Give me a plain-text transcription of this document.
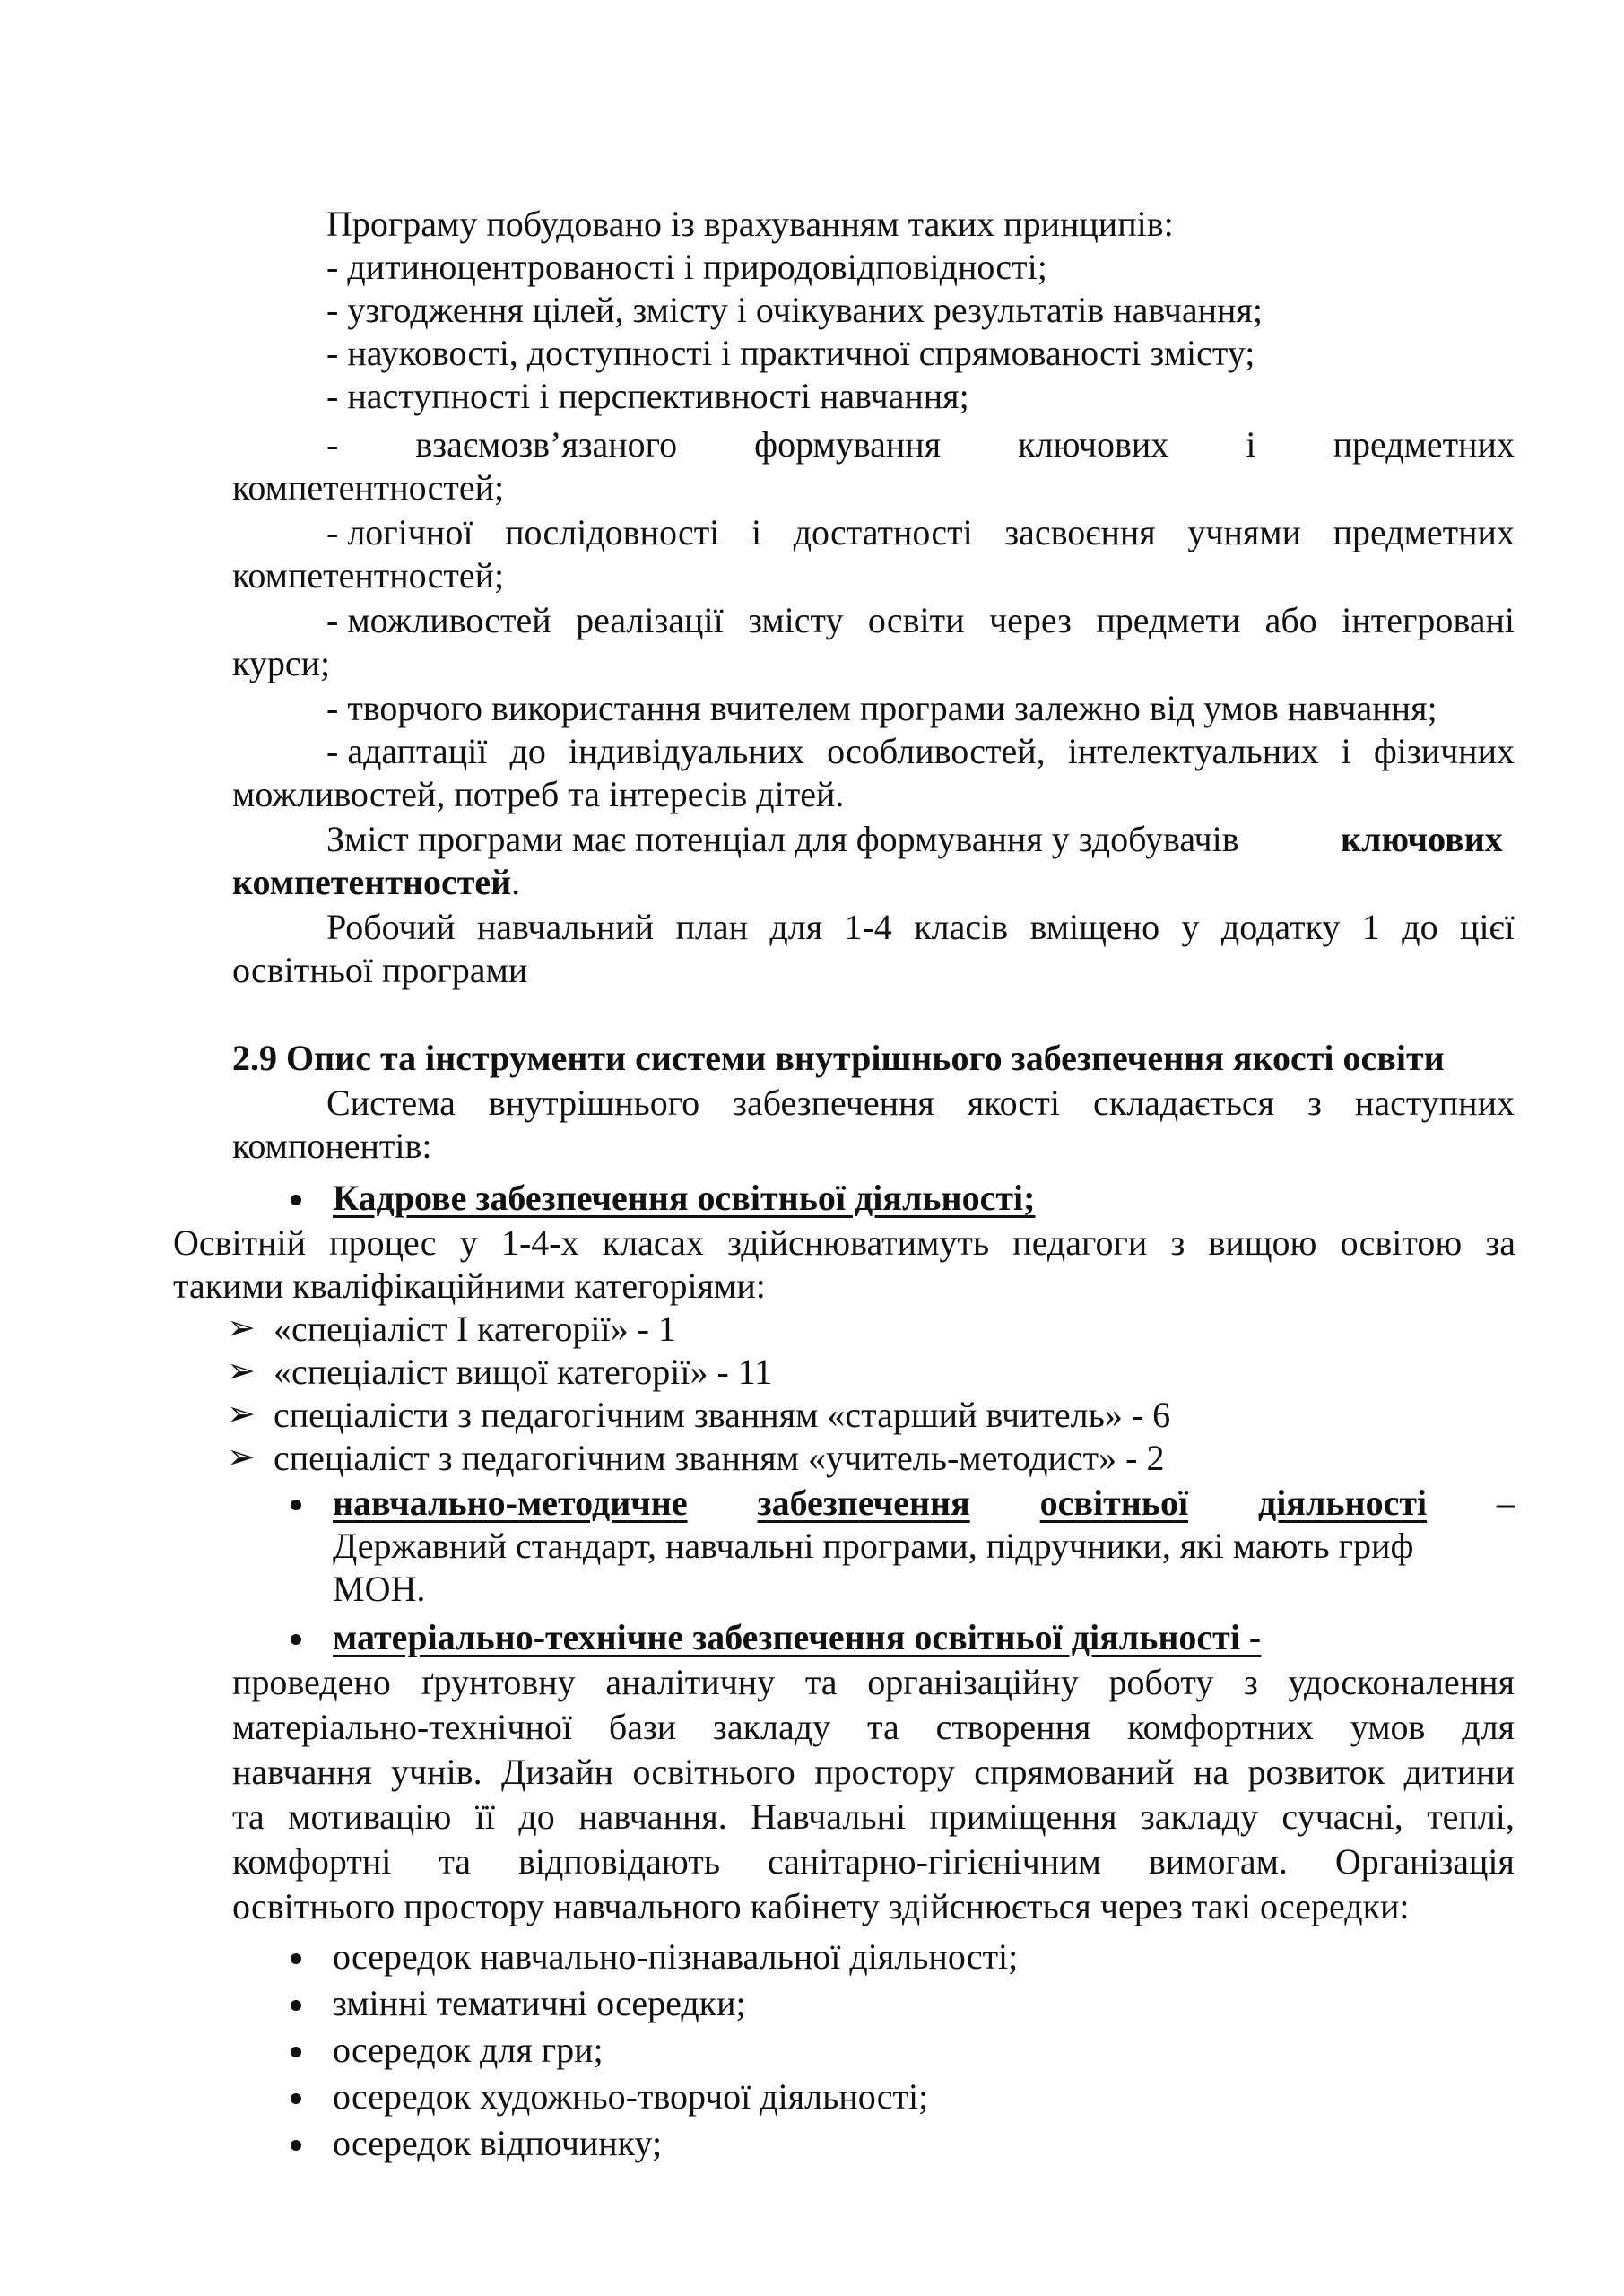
Програму побудовано із врахуванням таких принципів:
- дитиноцентрованості і природовідповідності;
- узгодження цілей, змісту і очікуваних результатів навчання;
- науковості, доступності і практичної спрямованості змісту;
- наступності і перспективності навчання;
- взаємозв’язаного формування ключових і предметних
компетентностей;
- логічної послідовності і достатності засвоєння учнями предметних
компетентностей;
- можливостей реалізації змісту освіти через предмети або інтегровані
курси;
- творчого використання вчителем програми залежно від умов навчання;
- адаптації до індивідуальних особливостей, інтелектуальних і фізичних
можливостей, потреб та інтересів дітей.
Зміст програми має потенціал для формування у здобувачів	ключових
компетентностей.
Робочий навчальний план для 1-4 класів вміщено у додатку 1 до цієї
освітньої програми
2.9 Опис та інструменти системи внутрішнього забезпечення якості освіти
Система внутрішнього забезпечення якості складається з наступних
компонентів:
Кадрове забезпечення освітньої діяльності;
Освітній процес у 1-4-х класах здійснюватимуть педагоги з вищою освітою за
такими кваліфікаційними категоріями:
➢ «спеціаліст І категорії» - 1
➢ «спеціаліст вищої категорії» - 11
➢ спеціалісти з педагогічним званням «старший вчитель» - 6
➢ спеціаліст з педагогічним званням «учитель-методист» - 2
навчально-методичне забезпечення освітньої діяльності –
Державний стандарт, навчальні програми, підручники, які мають гриф
МОН.
матеріально-технічне забезпечення освітньої діяльності -
проведено ґрунтовну аналітичну та організаційну роботу з удосконалення
матеріально-технічної бази закладу та створення комфортних умов для
навчання учнів. Дизайн освітнього простору спрямований на розвиток дитини
та мотивацію її до навчання. Навчальні приміщення закладу сучасні, теплі,
комфортні та відповідають санітарно-гігієнічним вимогам. Організація
освітнього простору навчального кабінету здійснюється через такі осередки:
осередок навчально-пізнавальної діяльності;
змінні тематичні осередки;
осередок для гри;
осередок художньо-творчої діяльності;
осередок відпочинку;
